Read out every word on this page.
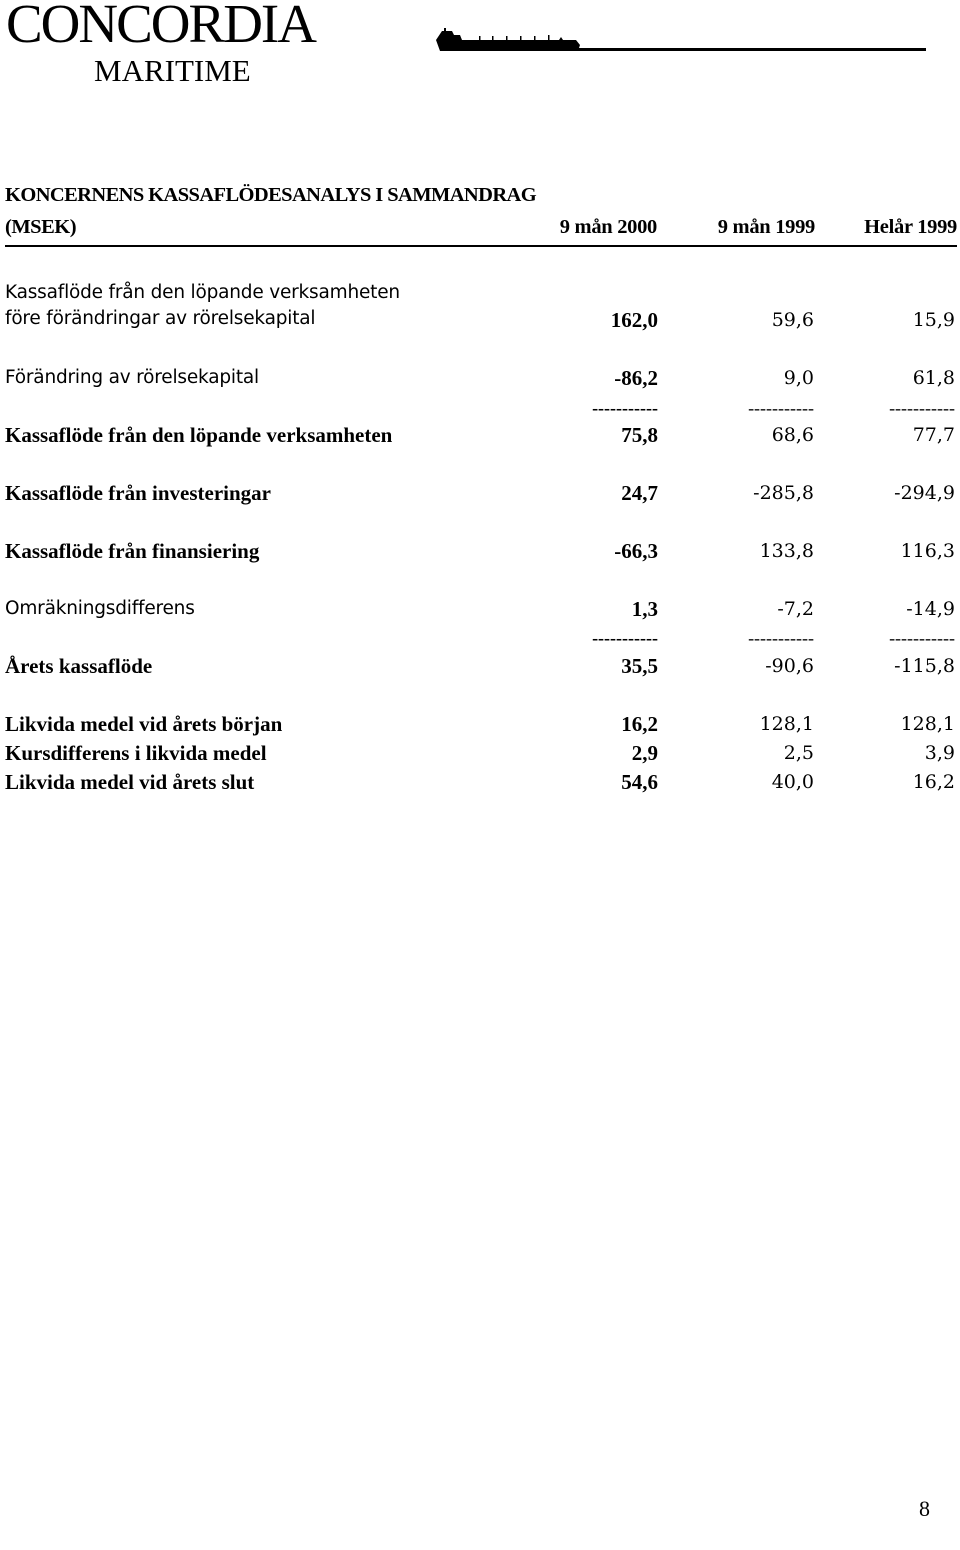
CONCORDIA
MARITIME
KONCERNENS KASSAFLÖDESANALYS I SAMMANDRAG
(MSEK)	9 mån 2000	9 mån 1999 Helår 1999
Kassaflöde från den löpande verksamheten
före förändringar av rörelsekapital	162,0	59,6	15,9
Förändring av rörelsekapital	-86,2	9,0	61,8
-----------	-----------	-----------
Kassaflöde från den löpande verksamheten	75,8	68,6	77,7
Kassaflöde från investeringar	24,7	-285,8	-294,9
Kassaflöde från finansiering	-66,3	133,8	116,3
Omräkningsdifferens	1,3	-7,2	-14,9
-----------	-----------	-----------
Årets kassaflöde	35,5	-90,6	-115,8
Likvida medel vid årets början	16,2	128,1	128,1
Kursdifferens i likvida medel	2,9	2,5	3,9
Likvida medel vid årets slut	54,6	40,0	16,2
8
